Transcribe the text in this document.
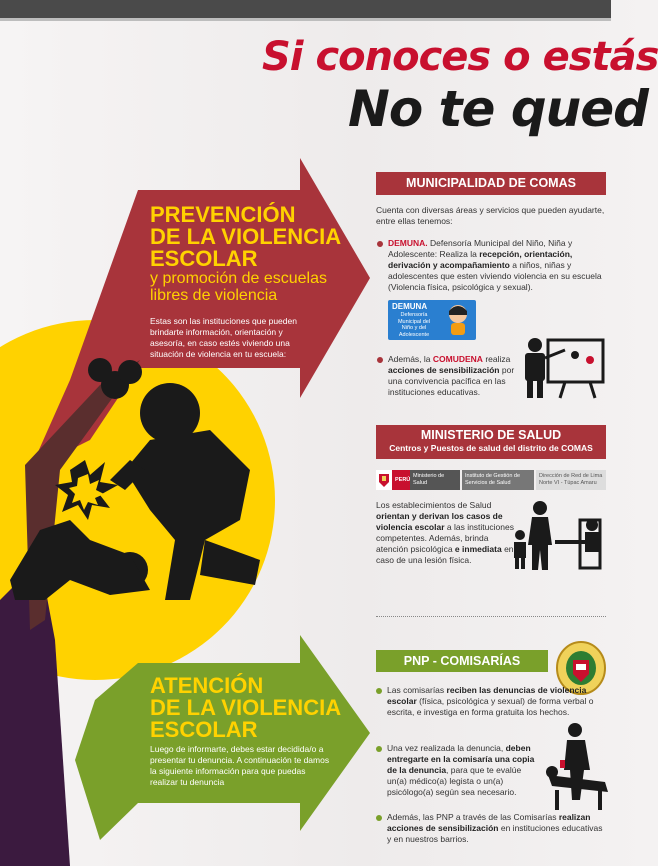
Si conoces o estás
No te qued
PREVENCIÓN
DE LA VIOLENCIA
ESCOLAR
y promoción de escuelas libres de violencia
Estas son las instituciones que pueden brindarte información, orientación y asesoría, en caso estés viviendo una situación de violencia en tu escuela:
ATENCIÓN
DE LA VIOLENCIA
ESCOLAR
Luego de informarte, debes estar decidida/o a presentar tu denuncia. A continuación te damos la siguiente información para que puedas realizar tu denuncia
MUNICIPALIDAD DE COMAS
Cuenta con diversas áreas y servicios que pueden ayudarte, entre ellas tenemos:
DEMUNA. Defensoría Municipal del Niño, Niña y Adolescente: Realiza la recepción, orientación, derivación y acompañamiento a niños, niñas y adolescentes que esten viviendo violencia en su escuela (Violencia física, psicológica y sexual).
DEMUNA
Defensoría Municipal del Niño y del Adolescente
Además, la COMUDENA realiza acciones de sensibilización por una convivencia pacífica en las instituciones educativas.
MINISTERIO DE SALUD
Centros y Puestos de salud del distrito de COMAS
PERÚ
Ministerio de Salud
Instituto de Gestión de Servicios de Salud
Dirección de Red de Lima Norte VI - Túpac Amaru
Los establecimientos de Salud orientan y derivan los casos de violencia escolar a las instituciones competentes. Además, brinda atención psicológica e inmediata en caso de una lesión física.
PNP - COMISARÍAS
Las comisarías reciben las denuncias de violencia escolar (física, psicológica y sexual) de forma verbal o escrita, e investiga en forma gratuita los hechos.
Una vez realizada la denuncia, deben entregarte en la comisaría una copia de la denuncia, para que te evalúe un(a) médico(a) legista o un(a) psicólogo(a) según sea necesario.
Además, las PNP a través de las Comisarías realizan acciones de sensibilización en instituciones educativas y en nuestros barrios.
